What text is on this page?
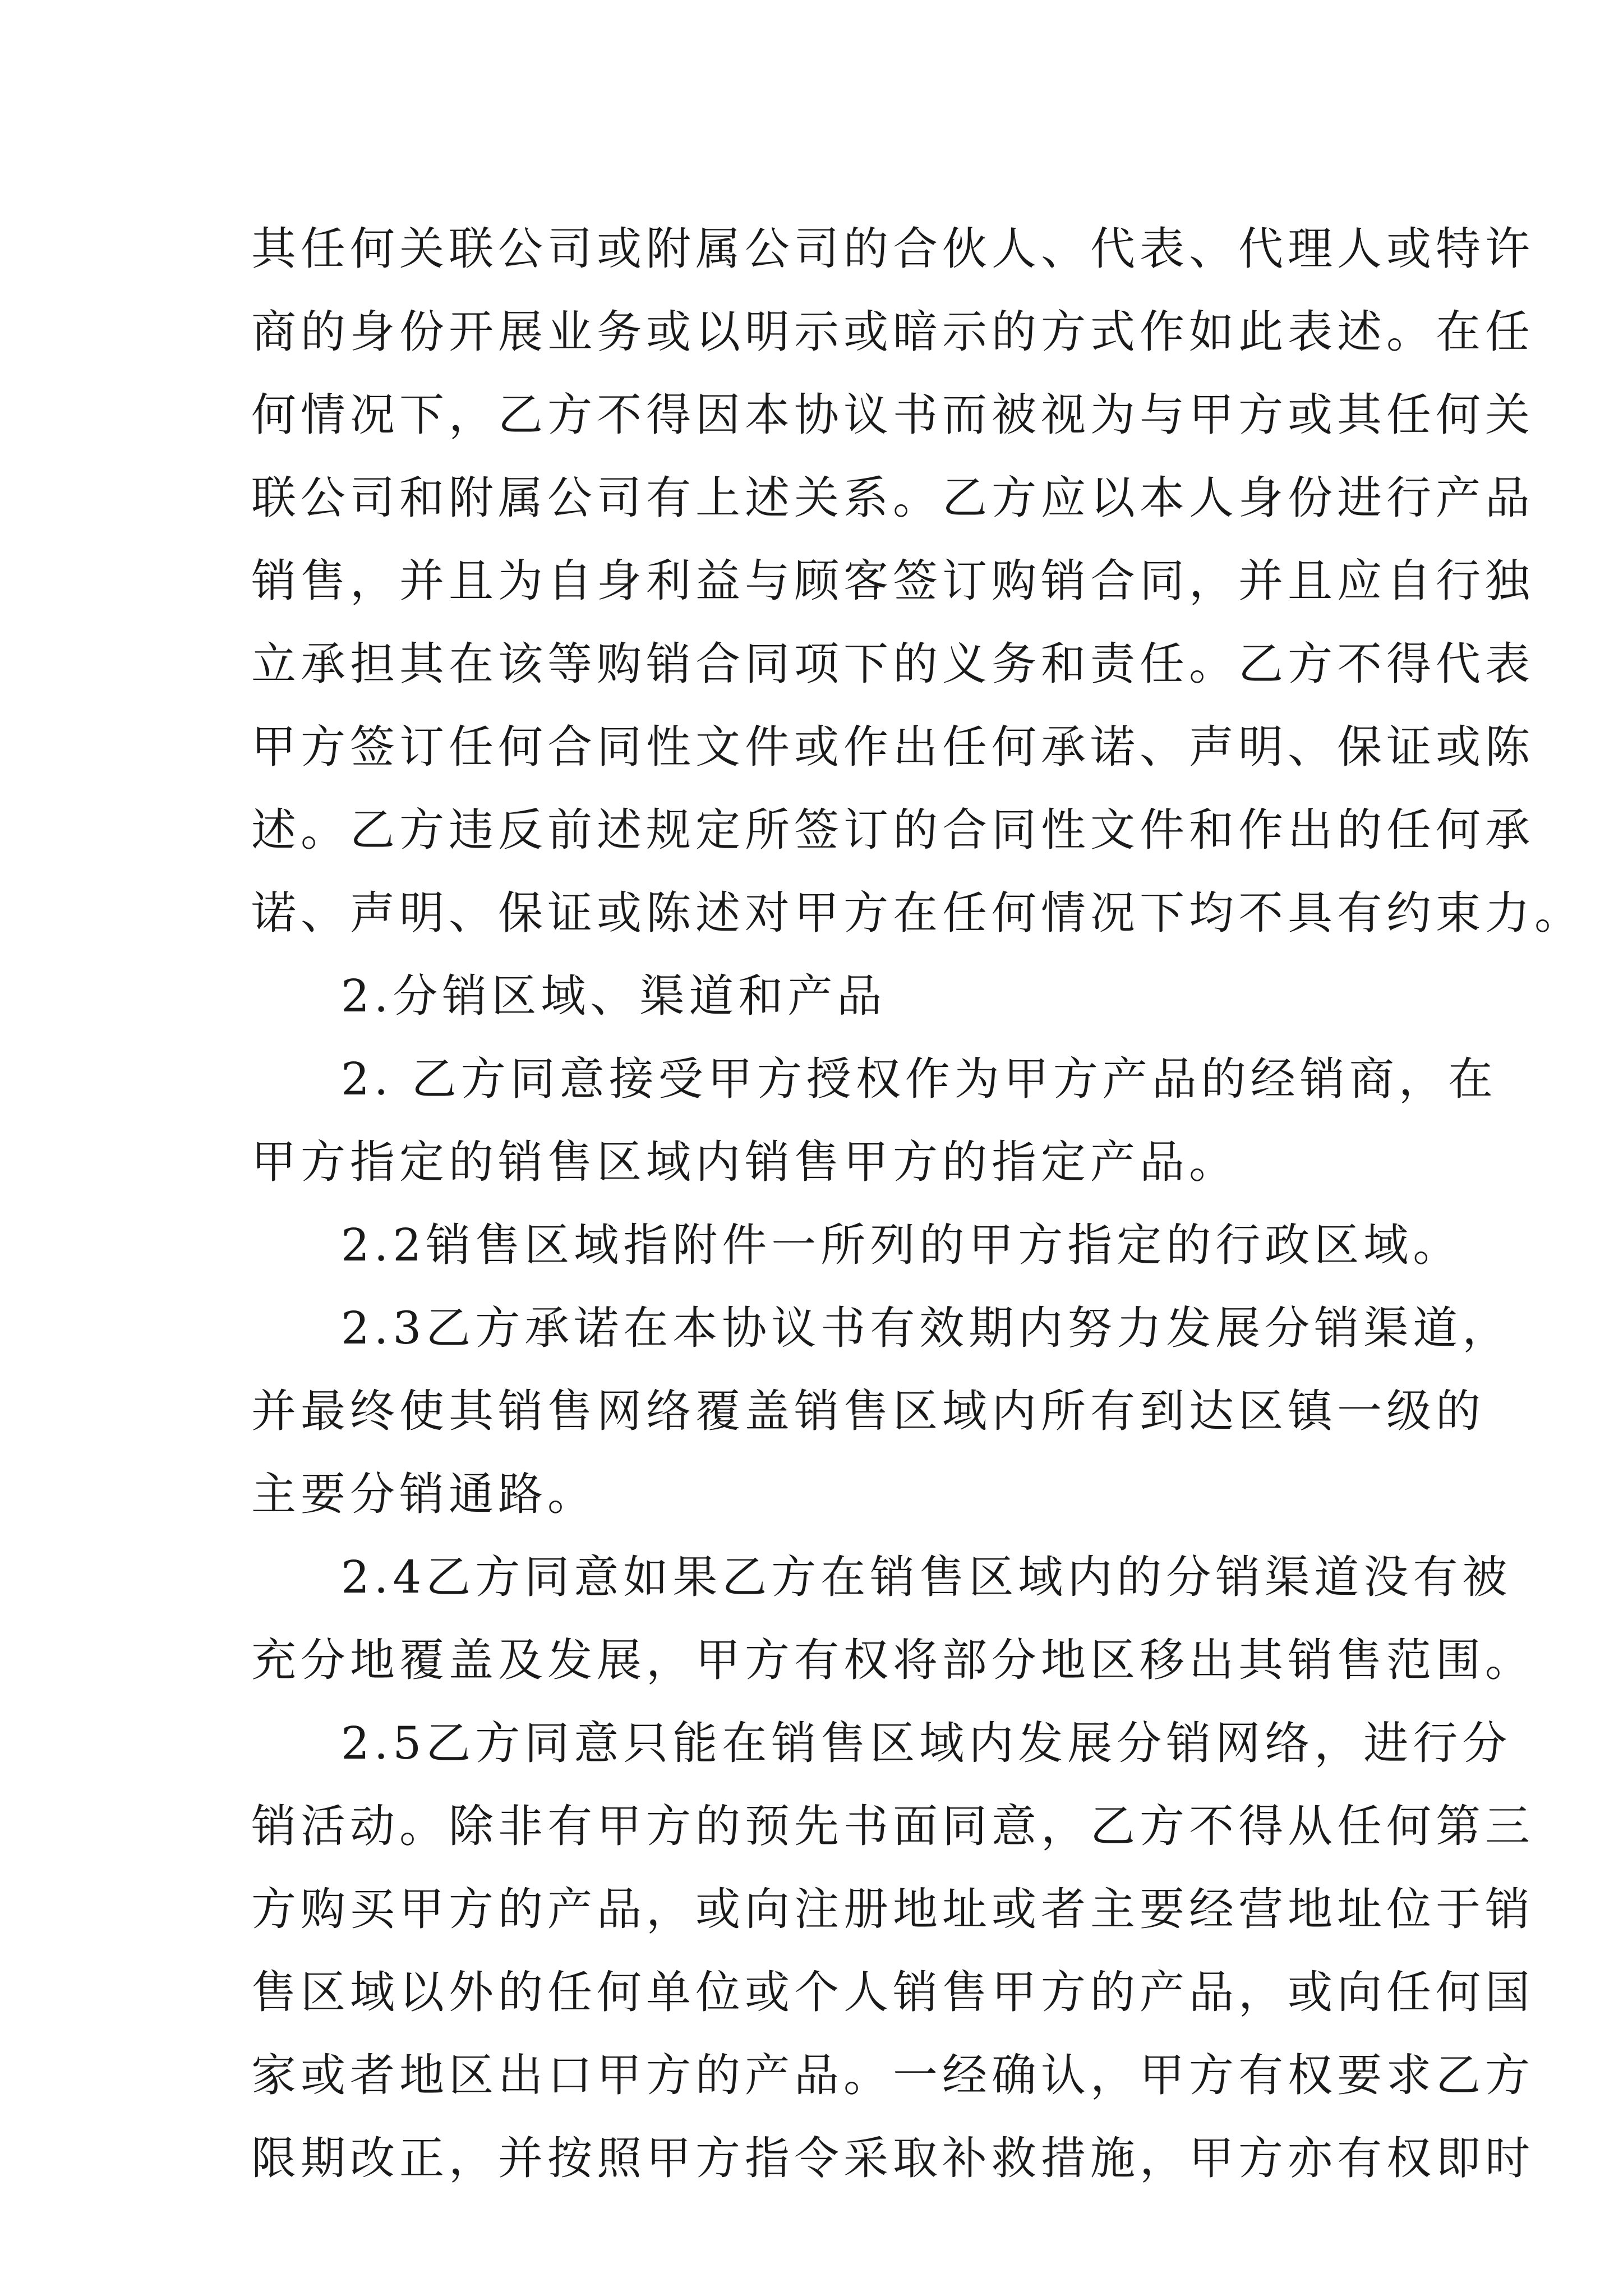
其任何关联公司或附属公司的合伙人、代表、代理人或特许
商的身份开展业务或以明示或暗示的方式作如此表述。在任
何情况下，乙方不得因本协议书而被视为与甲方或其任何关
联公司和附属公司有上述关系。乙方应以本人身份进行产品
销售，并且为自身利益与顾客签订购销合同，并且应自行独
立承担其在该等购销合同项下的义务和责任。乙方不得代表
甲方签订任何合同性文件或作出任何承诺、声明、保证或陈
述。乙方违反前述规定所签订的合同性文件和作出的任何承
诺、声明、保证或陈述对甲方在任何情况下均不具有约束力。
2.分销区域、渠道和产品
2. 乙方同意接受甲方授权作为甲方产品的经销商，在
甲方指定的销售区域内销售甲方的指定产品。
2.2销售区域指附件一所列的甲方指定的行政区域。
2.3乙方承诺在本协议书有效期内努力发展分销渠道，
并最终使其销售网络覆盖销售区域内所有到达区镇一级的
主要分销通路。
2.4乙方同意如果乙方在销售区域内的分销渠道没有被
充分地覆盖及发展，甲方有权将部分地区移出其销售范围。
2.5乙方同意只能在销售区域内发展分销网络，进行分
销活动。除非有甲方的预先书面同意，乙方不得从任何第三
方购买甲方的产品，或向注册地址或者主要经营地址位于销
售区域以外的任何单位或个人销售甲方的产品，或向任何国
家或者地区出口甲方的产品。一经确认，甲方有权要求乙方
限期改正，并按照甲方指令采取补救措施，甲方亦有权即时
